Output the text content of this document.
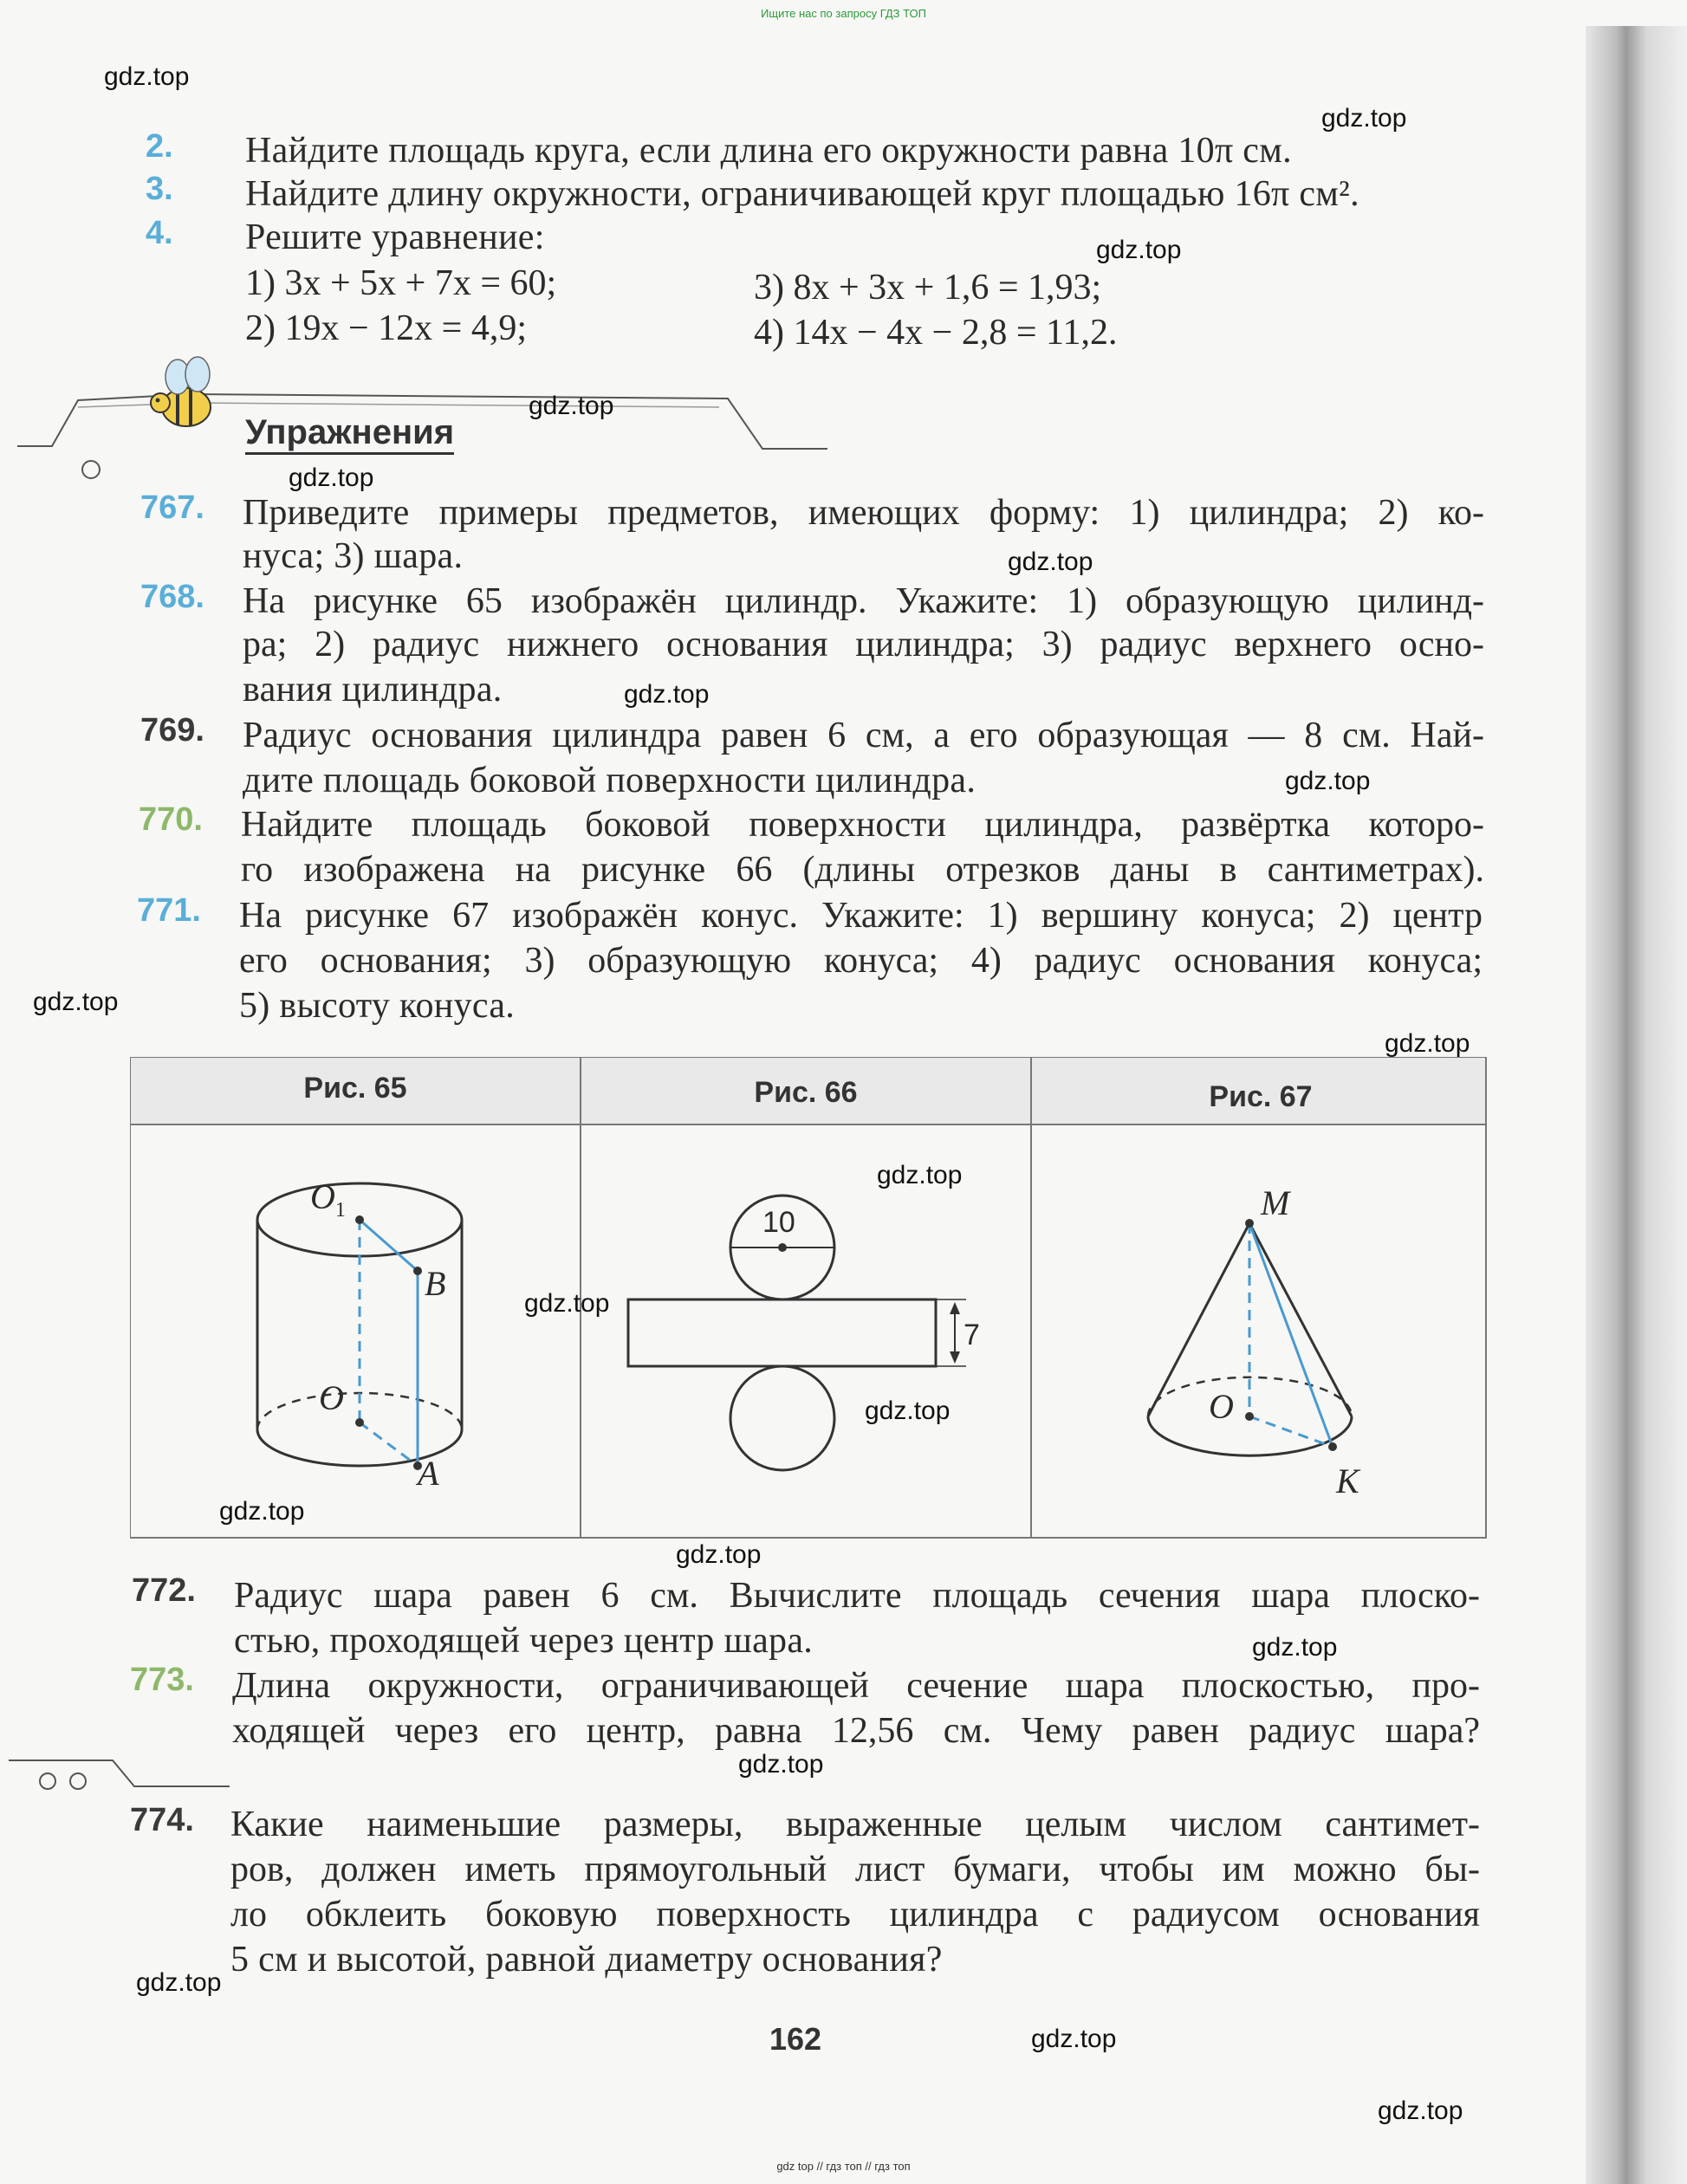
Ищите нас по запросу ГДЗ ТОП
2. Найдите площадь круга, если длина его окружности равна 10π см.
3. Найдите длину окружности, ограничивающей круг площадью 16π см².
4. Решите уравнение:
1) 3x + 5x + 7x = 60;
2) 19x − 12x = 4,9;
3) 8x + 3x + 1,6 = 1,93;
4) 14x − 4x − 2,8 = 11,2.
Упражнения
767. Приведите примеры предметов, имеющих форму: 1) цилиндра; 2) ко-
нуса; 3) шара.
768. На рисунке 65 изображён цилиндр. Укажите: 1) образующую цилинд-
ра; 2) радиус нижнего основания цилиндра; 3) радиус верхнего осно-
вания цилиндра.
769. Радиус основания цилиндра равен 6 см, а его образующая — 8 см. Най-
дите площадь боковой поверхности цилиндра.
770. Найдите площадь боковой поверхности цилиндра, развёртка которо-
го изображена на рисунке 66 (длины отрезков даны в сантиметрах).
771. На рисунке 67 изображён конус. Укажите: 1) вершину конуса; 2) центр
его основания; 3) образующую конуса; 4) радиус основания конуса;
5) высоту конуса.
Рис. 65	Рис. 66	Рис. 67
$O_1$
B
O
A
10
7
M
O
K
772. Радиус шара равен 6 см. Вычислите площадь сечения шара плоско-
стью, проходящей через центр шара.
773. Длина окружности, ограничивающей сечение шара плоскостью, про-
ходящей через его центр, равна 12,56 см. Чему равен радиус шара?
774. Какие наименьшие размеры, выраженные целым числом сантимет-
ров, должен иметь прямоугольный лист бумаги, чтобы им можно бы-
ло обклеить боковую поверхность цилиндра с радиусом основания
5 см и высотой, равной диаметру основания?
162
gdz.top
gdz.top
gdz.top
gdz.top
gdz.top
gdz.top
gdz.top
gdz.top
gdz.top
gdz.top
gdz.top
gdz.top
gdz.top
gdz.top
gdz.top
gdz.top
gdz.top
gdz.top
gdz.top
gdz.top
gdz top // гдз топ // гдз топ
